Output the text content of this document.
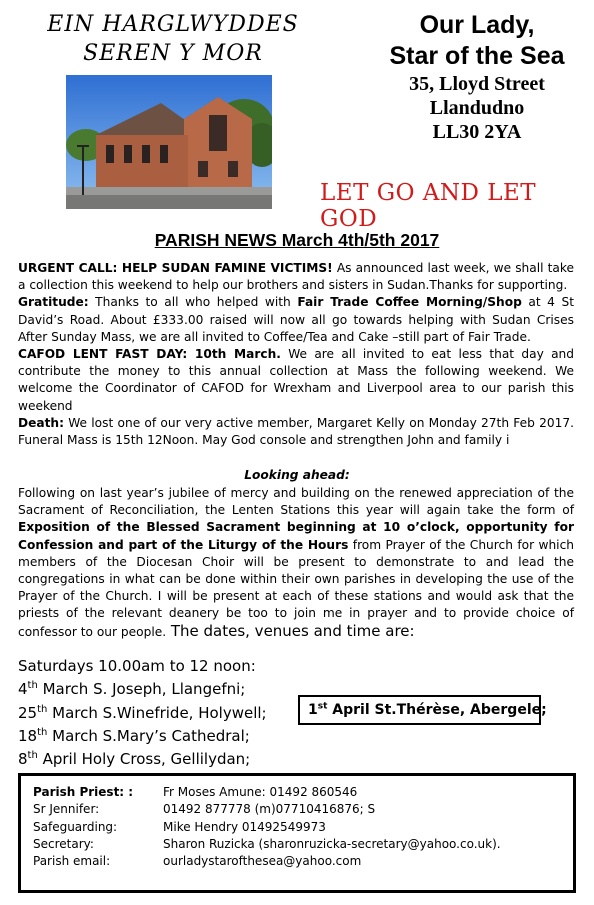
EIN HARGLWYDDES
SEREN Y MOR
Our Lady,
Star of the Sea
35, Lloyd Street
Llandudno
LL30 2YA
LET GO AND LET GOD
PARISH NEWS March 4th/5th 2017

URGENT CALL: HELP SUDAN FAMINE VICTIMS! As announced last week, we shall take a collection this weekend to help our brothers and sisters in Sudan.Thanks for supporting.

Gratitude: Thanks to all who helped with Fair Trade Coffee Morning/Shop at 4 St David’s Road. About £333.00 raised will now all go towards helping with Sudan Crises After Sunday Mass, we are all invited to Coffee/Tea and Cake –still part of Fair Trade.

CAFOD LENT FAST DAY: 10th March. We are all invited to eat less that day and contribute the money to this annual collection at Mass the following weekend. We welcome the Coordinator of CAFOD for Wrexham and Liverpool area to our parish this weekend

Death: We lost one of our very active member, Margaret Kelly on Monday 27th Feb 2017. Funeral Mass is 15th 12Noon. May God console and strengthen John and family i

Looking ahead:
Following on last year’s jubilee of mercy and building on the renewed appreciation of the Sacrament of Reconciliation, the Lenten Stations this year will again take the form of Exposition of the Blessed Sacrament beginning at 10 o’clock, opportunity for Confession and part of the Liturgy of the Hours from Prayer of the Church for which members of the Diocesan Choir will be present to demonstrate to and lead the congregations in what can be done within their own parishes in developing the use of the Prayer of the Church. I will be present at each of these stations and would ask that the priests of the relevant deanery be too to join me in prayer and to provide choice of confessor to our people. The dates, venues and time are:
Saturdays 10.00am to 12 noon:
4th March S. Joseph, Llangefni;
25th March S.Winefride, Holywell;
18th March S.Mary’s Cathedral;
8th April Holy Cross, Gellilydan;
1st April St.Thérèse, Abergele;
Parish Priest: : Fr Moses Amune: 01492 860546
Sr Jennifer:	01492 877778 (m)07710416876; S
Safeguarding:	Mike Hendry 01492549973
Secretary:	Sharon Ruzicka (sharonruzicka-secretary@yahoo.co.uk).
Parish email:	ourladystaroftheseа@yahoo.com
